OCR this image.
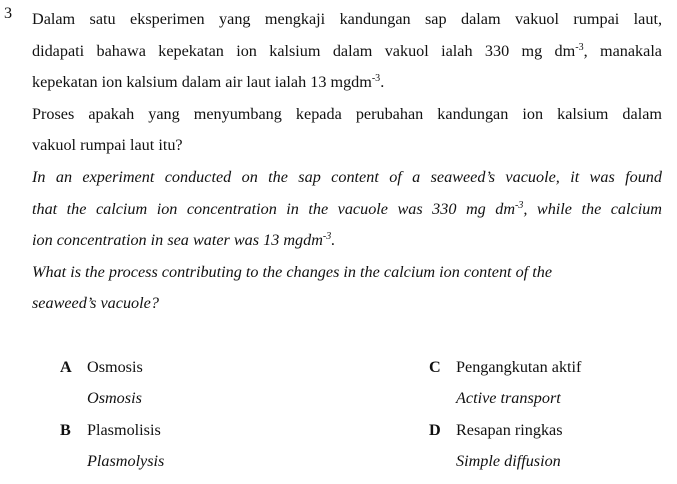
3 Dalam satu eksperimen yang mengkaji kandungan sap dalam vakuol rumpai laut,
didapati bahawa kepekatan ion kalsium dalam vakuol ialah 330 mg $dm^{-3}$, manakala
kepekatan ion kalsium dalam air laut ialah 13 mgdm$^{-3}$.
Proses apakah yang menyumbang kepada perubahan kandungan ion kalsium dalam
vakuol rumpai laut itu?
In an experiment conducted on the sap content of a seaweed’s vacuole, it was found
that the calcium ion concentration in the vacuole was 330 mg $dm^{-3}$, while the calcium
ion concentration in sea water was 13 mgdm$^{-3}$.
What is the process contributing to the changes in the calcium ion content of the
seaweed’s vacuole?
A Osmosis
Osmosis
B Plasmolisis
Plasmolysis
C Pengangkutan aktif
Active transport
D Resapan ringkas
Simple diffusion
